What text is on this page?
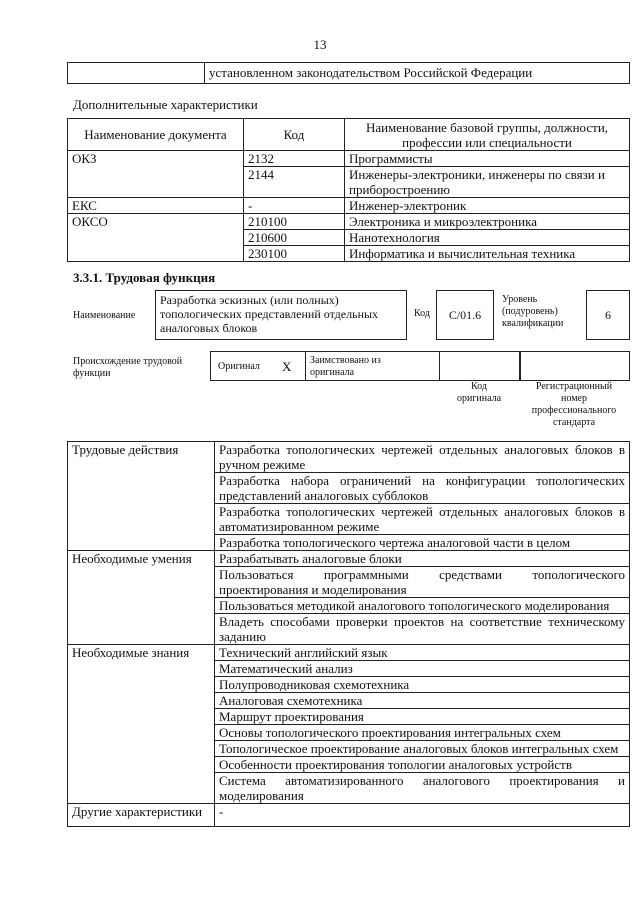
13
	установленном законодательством Российской Федерации
Дополнительные характеристики
Наименование документа	Код	Наименование базовой группы, должности, профессии или специальности
ОКЗ	2132	Программисты
	2144	Инженеры-электроники, инженеры по связи и приборостроению
ЕКС	-	Инженер-электроник
ОКСО	210100	Электроника и микроэлектроника
	210600	Нанотехнология
	230100	Информатика и вычислительная техника
3.3.1. Трудовая функция
Наименование
Разработка эскизных (или полных) топологических представлений отдельных аналоговых блоков
Код С/01.6
Уровень (подуровень) квалификации
6
Происхождение трудовой функции
Оригинал X Заимствовано из оригинала
Код оригинала
Регистрационный номер профессионального стандарта
Трудовые действия	Разработка топологических чертежей отдельных аналоговых блоков в ручном режиме
	Разработка набора ограничений на конфигурации топологических представлений аналоговых субблоков
	Разработка топологических чертежей отдельных аналоговых блоков в автоматизированном режиме
	Разработка топологического чертежа аналоговой части в целом
Необходимые умения	Разрабатывать аналоговые блоки
	Пользоваться программными средствами топологического проектирования и моделирования
	Пользоваться методикой аналогового топологического моделирования
	Владеть способами проверки проектов на соответствие техническому заданию
Необходимые знания	Технический английский язык
	Математический анализ
	Полупроводниковая схемотехника
	Аналоговая схемотехника
	Маршрут проектирования
	Основы топологического проектирования интегральных схем
	Топологическое проектирование аналоговых блоков интегральных схем
	Особенности проектирования топологии аналоговых устройств
	Система автоматизированного аналогового проектирования и моделирования
Другие характеристики	-
